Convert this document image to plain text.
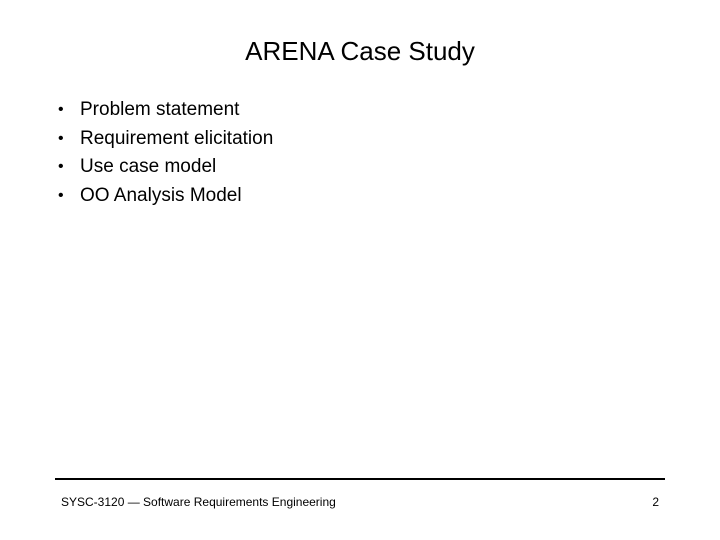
ARENA Case Study
• Problem statement
• Requirement elicitation
• Use case model
• OO Analysis Model
SYSC-3120 — Software Requirements Engineering	2
